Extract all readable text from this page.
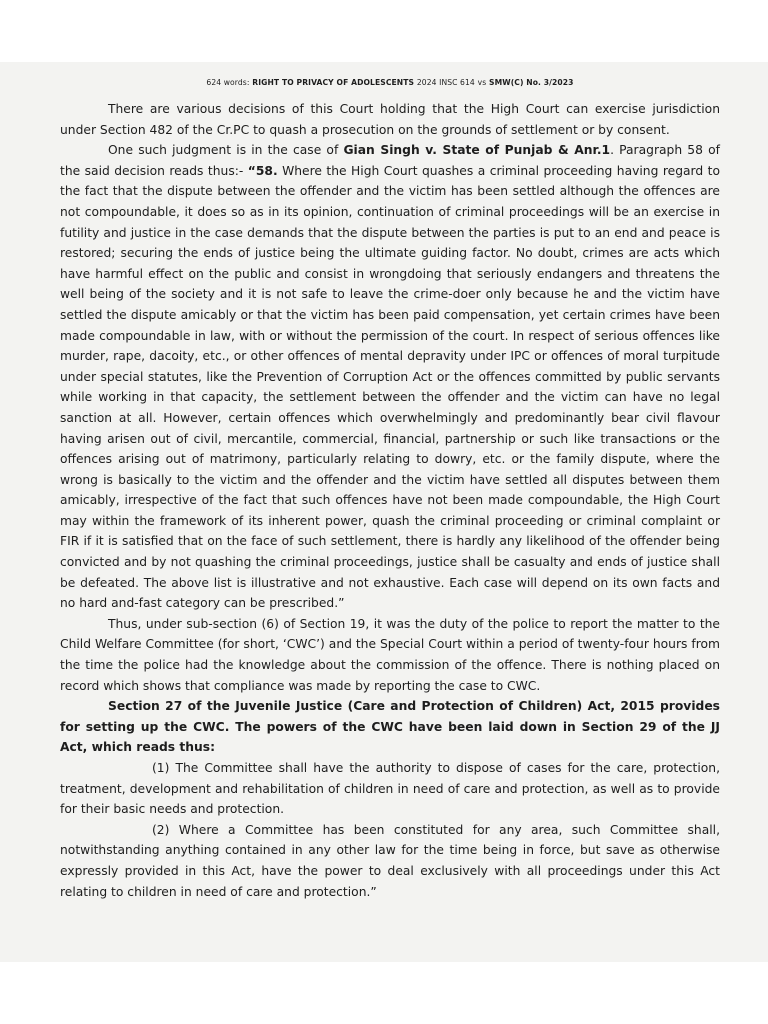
624 words: RIGHT TO PRIVACY OF ADOLESCENTS 2024 INSC 614 vs SMW(C) No. 3/2023

There are various decisions of this Court holding that the High Court can exercise jurisdiction under Section 482 of the Cr.PC to quash a prosecution on the grounds of settlement or by consent.

One such judgment is in the case of Gian Singh v. State of Punjab & Anr.1. Paragraph 58 of the said decision reads thus:- “58. Where the High Court quashes a criminal proceeding having regard to the fact that the dispute between the offender and the victim has been settled although the offences are not compoundable, it does so as in its opinion, continuation of criminal proceedings will be an exercise in futility and justice in the case demands that the dispute between the parties is put to an end and peace is restored; securing the ends of justice being the ultimate guiding factor. No doubt, crimes are acts which have harmful effect on the public and consist in wrongdoing that seriously endangers and threatens the well being of the society and it is not safe to leave the crime-doer only because he and the victim have settled the dispute amicably or that the victim has been paid compensation, yet certain crimes have been made compoundable in law, with or without the permission of the court. In respect of serious offences like murder, rape, dacoity, etc., or other offences of mental depravity under IPC or offences of moral turpitude under special statutes, like the Prevention of Corruption Act or the offences committed by public servants while working in that capacity, the settlement between the offender and the victim can have no legal sanction at all. However, certain offences which overwhelmingly and predominantly bear civil flavour having arisen out of civil, mercantile, commercial, financial, partnership or such like transactions or the offences arising out of matrimony, particularly relating to dowry, etc. or the family dispute, where the wrong is basically to the victim and the offender and the victim have settled all disputes between them amicably, irrespective of the fact that such offences have not been made compoundable, the High Court may within the framework of its inherent power, quash the criminal proceeding or criminal complaint or FIR if it is satisfied that on the face of such settlement, there is hardly any likelihood of the offender being convicted and by not quashing the criminal proceedings, justice shall be casualty and ends of justice shall be defeated. The above list is illustrative and not exhaustive. Each case will depend on its own facts and no hard and-fast category can be prescribed.”

Thus, under sub-section (6) of Section 19, it was the duty of the police to report the matter to the Child Welfare Committee (for short, ‘CWC’) and the Special Court within a period of twenty-four hours from the time the police had the knowledge about the commission of the offence. There is nothing placed on record which shows that compliance was made by reporting the case to CWC.

Section 27 of the Juvenile Justice (Care and Protection of Children) Act, 2015 provides for setting up the CWC. The powers of the CWC have been laid down in Section 29 of the JJ Act, which reads thus:

(1) The Committee shall have the authority to dispose of cases for the care, protection, treatment, development and rehabilitation of children in need of care and protection, as well as to provide for their basic needs and protection.

(2) Where a Committee has been constituted for any area, such Committee shall, notwithstanding anything contained in any other law for the time being in force, but save as otherwise expressly provided in this Act, have the power to deal exclusively with all proceedings under this Act relating to children in need of care and protection.”
